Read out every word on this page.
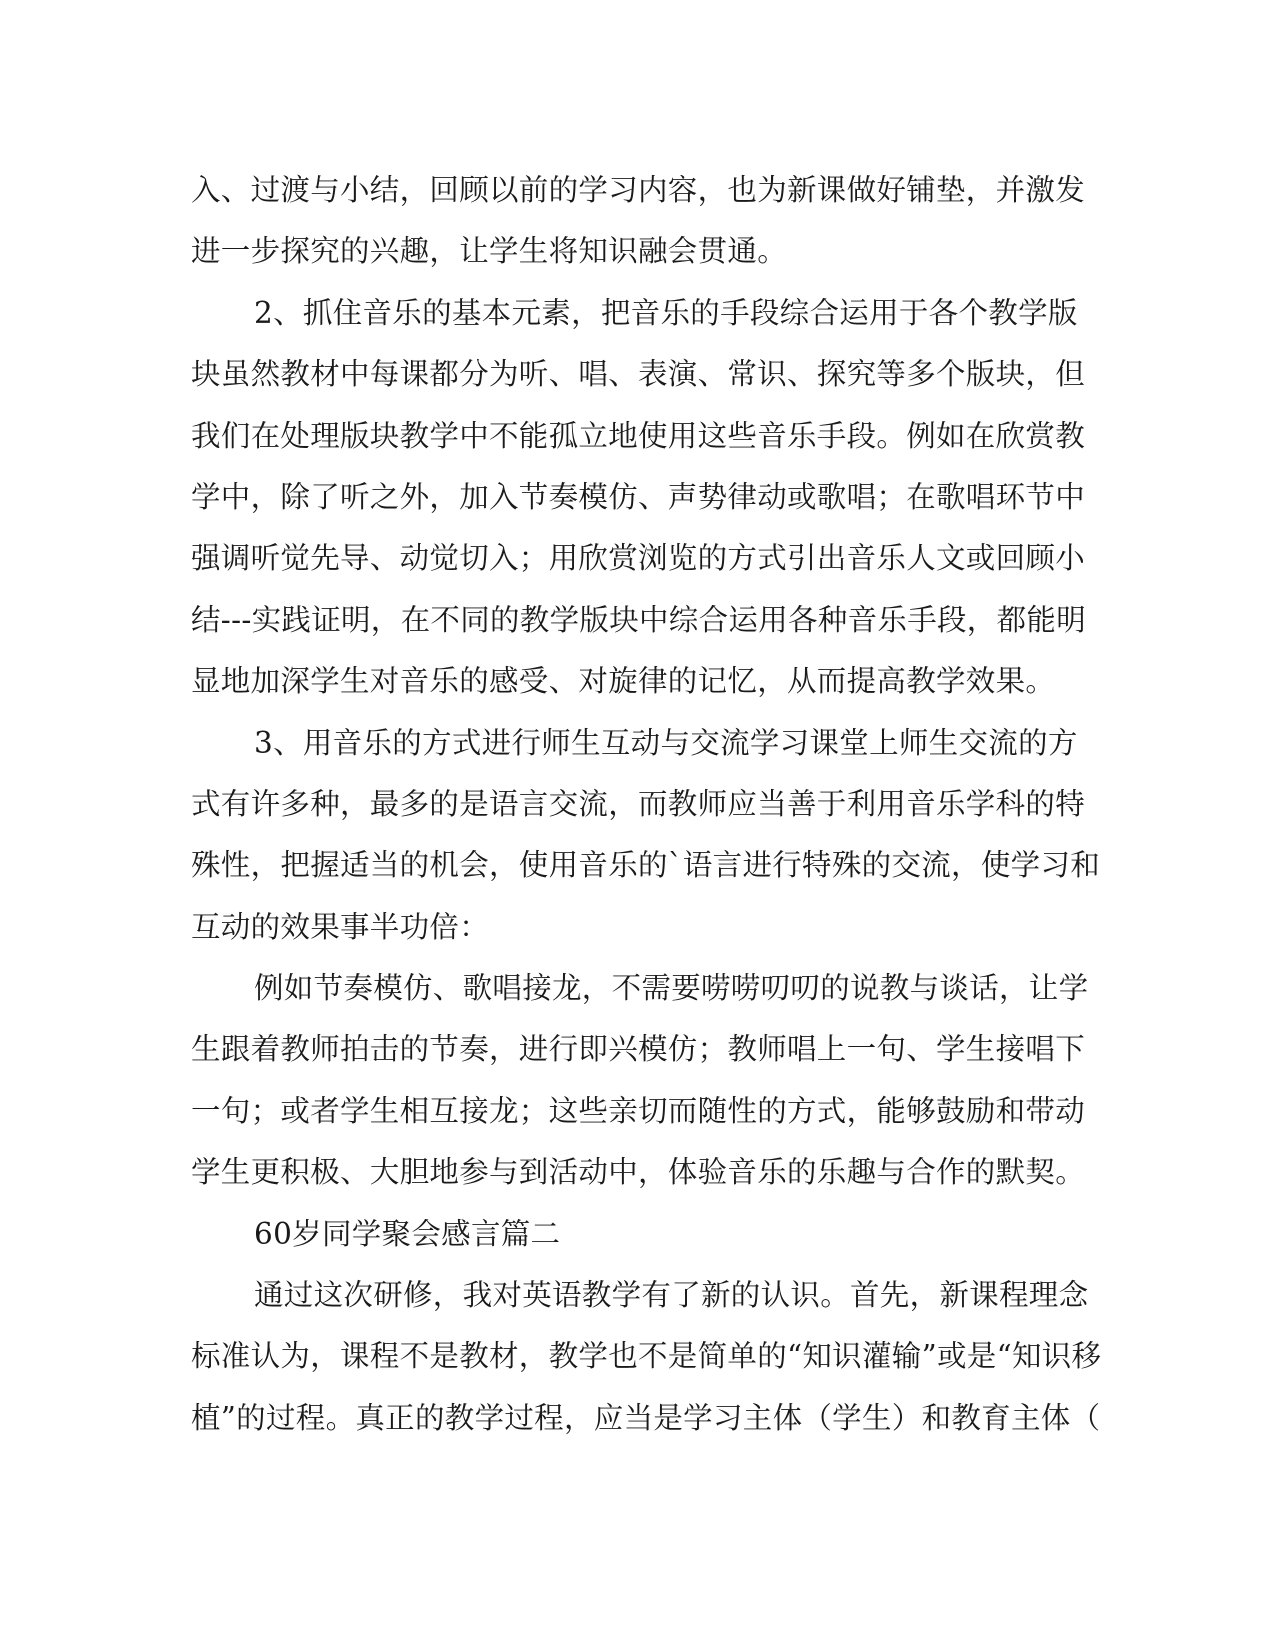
入、过渡与小结，回顾以前的学习内容，也为新课做好铺垫，并激发
进一步探究的兴趣，让学生将知识融会贯通。
2、抓住音乐的基本元素，把音乐的手段综合运用于各个教学版
块虽然教材中每课都分为听、唱、表演、常识、探究等多个版块，但
我们在处理版块教学中不能孤立地使用这些音乐手段。例如在欣赏教
学中，除了听之外，加入节奏模仿、声势律动或歌唱；在歌唱环节中
强调听觉先导、动觉切入；用欣赏浏览的方式引出音乐人文或回顾小
结---实践证明，在不同的教学版块中综合运用各种音乐手段，都能明
显地加深学生对音乐的感受、对旋律的记忆，从而提高教学效果。
3、用音乐的方式进行师生互动与交流学习课堂上师生交流的方
式有许多种，最多的是语言交流，而教师应当善于利用音乐学科的特
殊性，把握适当的机会，使用音乐的`语言进行特殊的交流，使学习和
互动的效果事半功倍：
例如节奏模仿、歌唱接龙，不需要唠唠叨叨的说教与谈话，让学
生跟着教师拍击的节奏，进行即兴模仿；教师唱上一句、学生接唱下
一句；或者学生相互接龙；这些亲切而随性的方式，能够鼓励和带动
学生更积极、大胆地参与到活动中，体验音乐的乐趣与合作的默契。
60岁同学聚会感言篇二
通过这次研修，我对英语教学有了新的认识。首先，新课程理念
标准认为，课程不是教材，教学也不是简单的“知识灌输”或是“知识移
植”的过程。真正的教学过程，应当是学习主体（学生）和教育主体（
